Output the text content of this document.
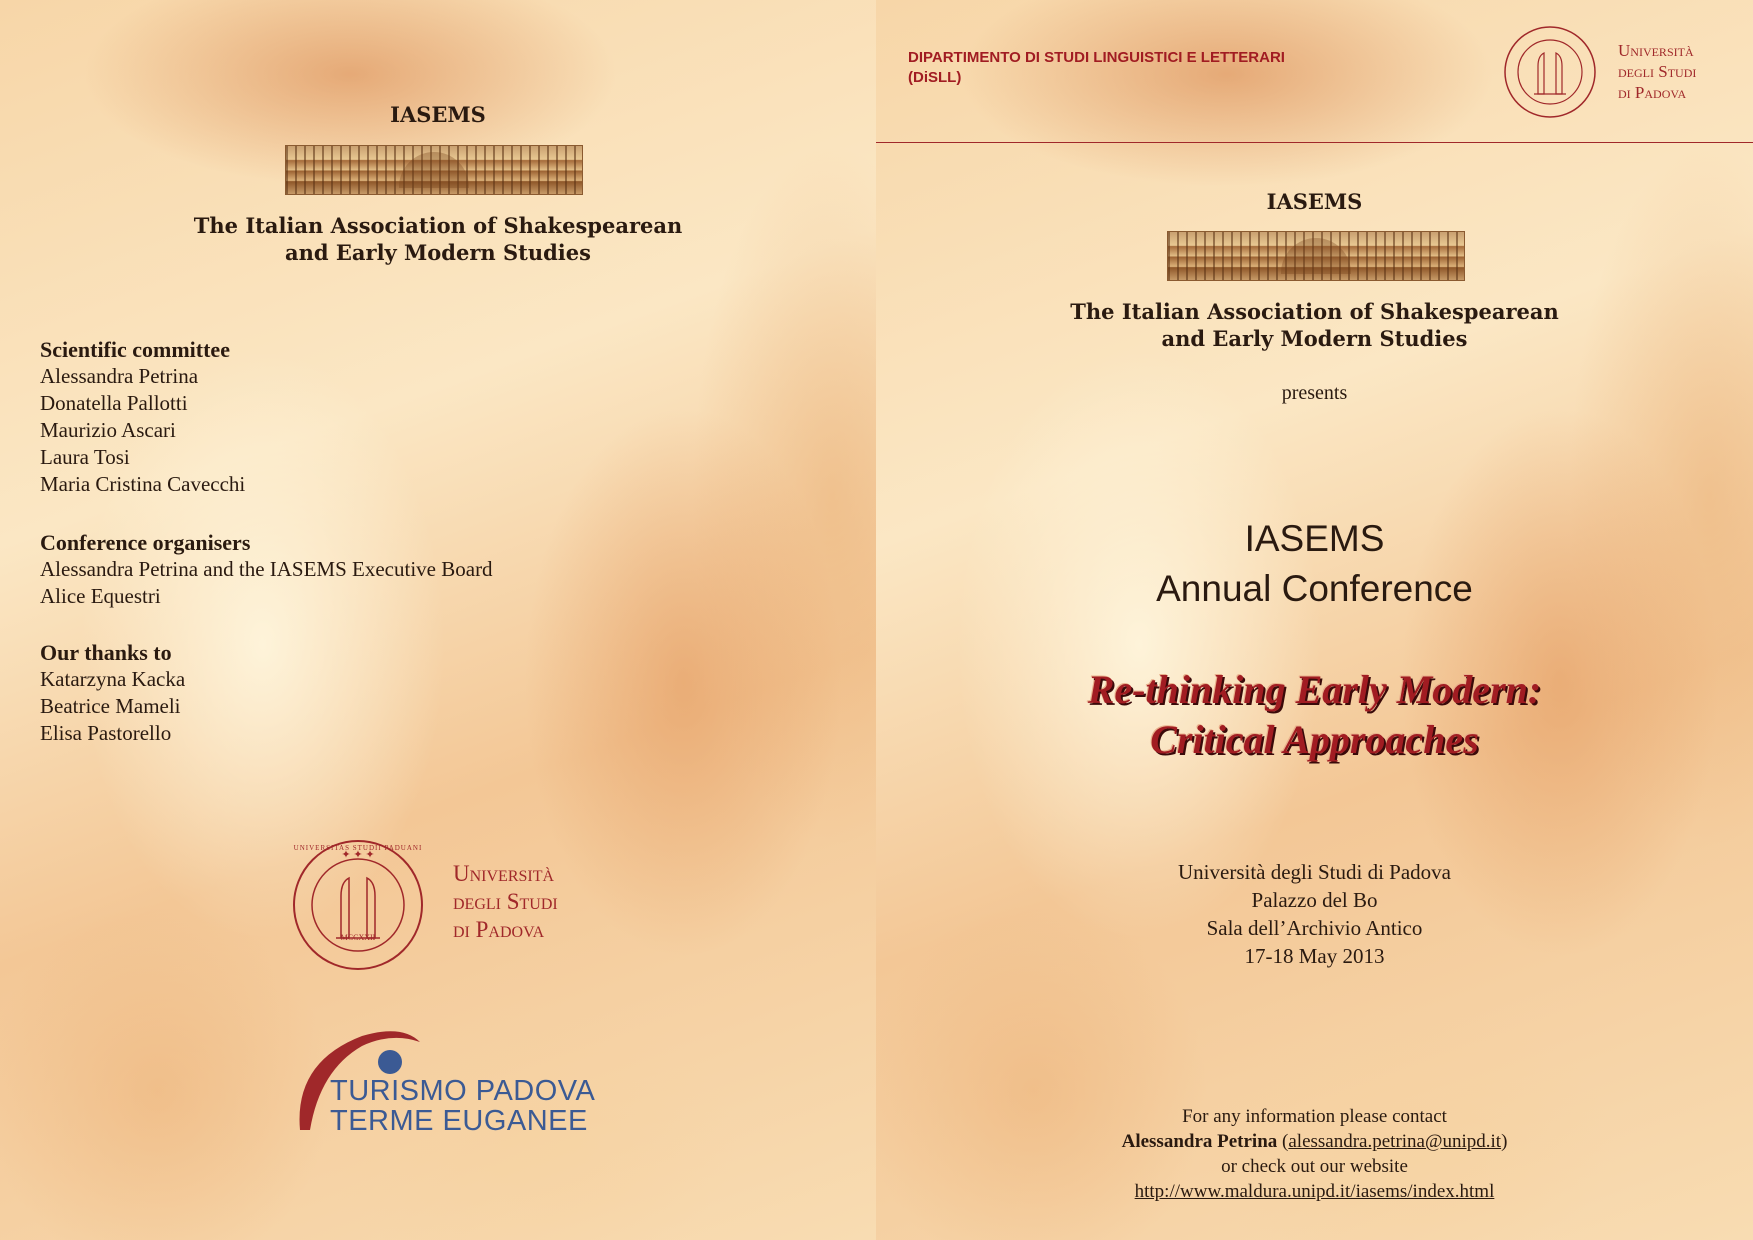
IASEMS
The Italian Association of Shakespearean
and Early Modern Studies
Scientific committee
Alessandra Petrina
Donatella Pallotti
Maurizio Ascari
Laura Tosi
Maria Cristina Cavecchi
Conference organisers
Alessandra Petrina and the IASEMS Executive Board
Alice Equestri
Our thanks to
Katarzyna Kacka
Beatrice Mameli
Elisa Pastorello
✦ ✦ ✦
MCCXXII
UNIVERSITAS STUDII PADUANI
Università
degli Studi
di Padova
TURISMO PADOVA
TERME EUGANEE
DIPARTIMENTO DI STUDI LINGUISTICI E LETTERARI
(DiSLL)
Università
degli Studi
di Padova
IASEMS
The Italian Association of Shakespearean
and Early Modern Studies
presents
IASEMS
Annual Conference
Re-thinking Early Modern:
Critical Approaches
Università degli Studi di Padova
Palazzo del Bo
Sala dell’Archivio Antico
17-18 May 2013
For any information please contact
Alessandra Petrina (alessandra.petrina@unipd.it)
or check out our website
http://www.maldura.unipd.it/iasems/index.html
